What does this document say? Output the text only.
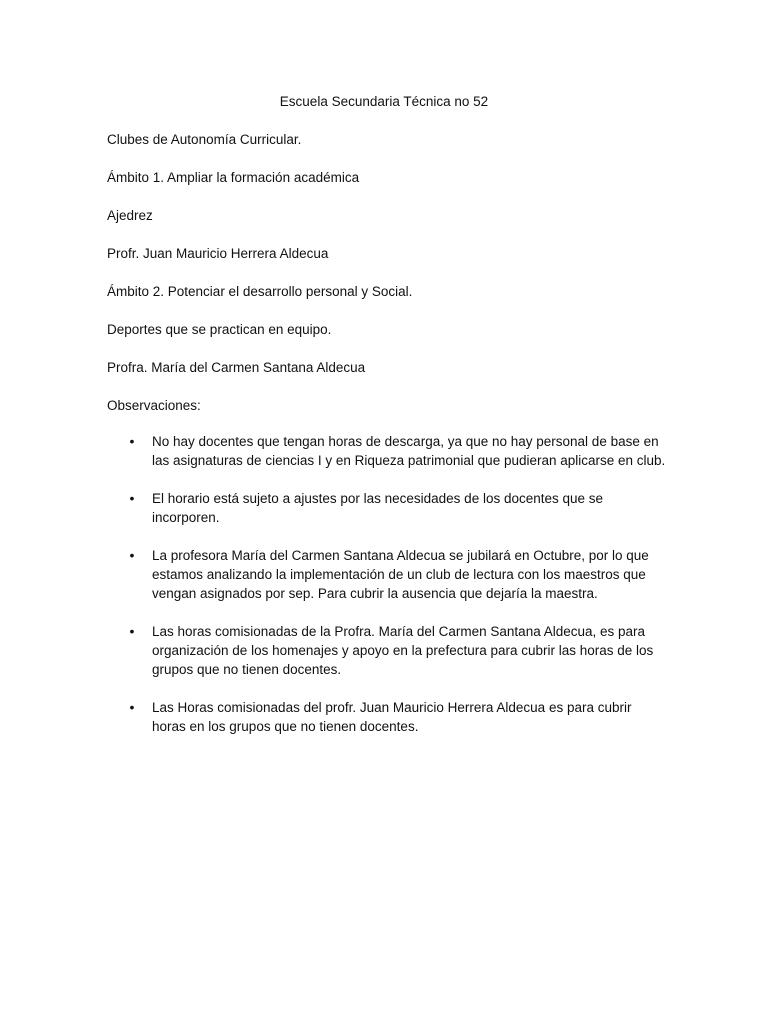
Escuela Secundaria Técnica no 52
Clubes de Autonomía Curricular.
Ámbito 1. Ampliar la formación académica
Ajedrez
Profr. Juan Mauricio Herrera Aldecua
Ámbito 2. Potenciar el desarrollo personal y Social.
Deportes que se practican en equipo.
Profra. María del Carmen Santana Aldecua
Observaciones:
• No hay docentes que tengan horas de descarga, ya que no hay personal de base en las asignaturas de ciencias I y en Riqueza patrimonial que pudieran aplicarse en club.
• El horario está sujeto a ajustes por las necesidades de los docentes que se incorporen.
• La profesora María del Carmen Santana Aldecua se jubilará en Octubre, por lo que estamos analizando la implementación de un club de lectura con los maestros que vengan asignados por sep. Para cubrir la ausencia que dejaría la maestra.
• Las horas comisionadas de la Profra. María del Carmen Santana Aldecua, es para organización de los homenajes y apoyo en la prefectura para cubrir las horas de los grupos que no tienen docentes.
• Las Horas comisionadas del profr. Juan Mauricio Herrera Aldecua es para cubrir horas en los grupos que no tienen docentes.
